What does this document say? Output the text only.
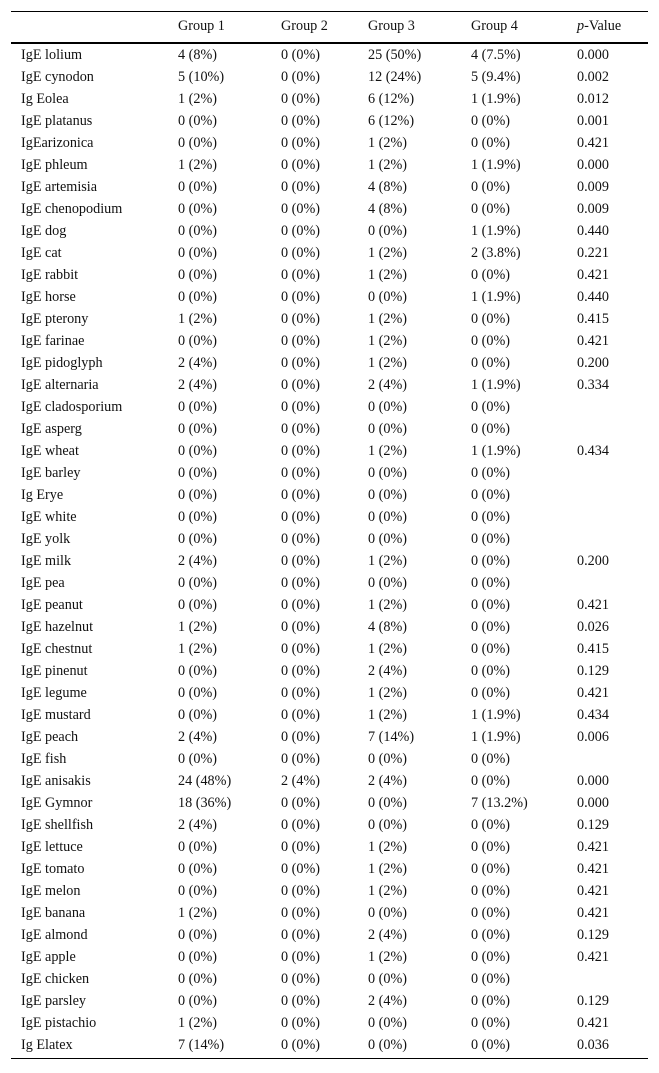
	Group 1	Group 2	Group 3	Group 4	p-Value
IgE lolium	4 (8%)	0 (0%)	25 (50%)	4 (7.5%)	0.000
IgE cynodon	5 (10%)	0 (0%)	12 (24%)	5 (9.4%)	0.002
Ig Eolea	1 (2%)	0 (0%)	6 (12%)	1 (1.9%)	0.012
IgE platanus	0 (0%)	0 (0%)	6 (12%)	0 (0%)	0.001
IgEarizonica	0 (0%)	0 (0%)	1 (2%)	0 (0%)	0.421
IgE phleum	1 (2%)	0 (0%)	1 (2%)	1 (1.9%)	0.000
IgE artemisia	0 (0%)	0 (0%)	4 (8%)	0 (0%)	0.009
IgE chenopodium	0 (0%)	0 (0%)	4 (8%)	0 (0%)	0.009
IgE dog	0 (0%)	0 (0%)	0 (0%)	1 (1.9%)	0.440
IgE cat	0 (0%)	0 (0%)	1 (2%)	2 (3.8%)	0.221
IgE rabbit	0 (0%)	0 (0%)	1 (2%)	0 (0%)	0.421
IgE horse	0 (0%)	0 (0%)	0 (0%)	1 (1.9%)	0.440
IgE pterony	1 (2%)	0 (0%)	1 (2%)	0 (0%)	0.415
IgE farinae	0 (0%)	0 (0%)	1 (2%)	0 (0%)	0.421
IgE pidoglyph	2 (4%)	0 (0%)	1 (2%)	0 (0%)	0.200
IgE alternaria	2 (4%)	0 (0%)	2 (4%)	1 (1.9%)	0.334
IgE cladosporium	0 (0%)	0 (0%)	0 (0%)	0 (0%)	
IgE asperg	0 (0%)	0 (0%)	0 (0%)	0 (0%)	
IgE wheat	0 (0%)	0 (0%)	1 (2%)	1 (1.9%)	0.434
IgE barley	0 (0%)	0 (0%)	0 (0%)	0 (0%)	
Ig Erye	0 (0%)	0 (0%)	0 (0%)	0 (0%)	
IgE white	0 (0%)	0 (0%)	0 (0%)	0 (0%)	
IgE yolk	0 (0%)	0 (0%)	0 (0%)	0 (0%)	
IgE milk	2 (4%)	0 (0%)	1 (2%)	0 (0%)	0.200
IgE pea	0 (0%)	0 (0%)	0 (0%)	0 (0%)	
IgE peanut	0 (0%)	0 (0%)	1 (2%)	0 (0%)	0.421
IgE hazelnut	1 (2%)	0 (0%)	4 (8%)	0 (0%)	0.026
IgE chestnut	1 (2%)	0 (0%)	1 (2%)	0 (0%)	0.415
IgE pinenut	0 (0%)	0 (0%)	2 (4%)	0 (0%)	0.129
IgE legume	0 (0%)	0 (0%)	1 (2%)	0 (0%)	0.421
IgE mustard	0 (0%)	0 (0%)	1 (2%)	1 (1.9%)	0.434
IgE peach	2 (4%)	0 (0%)	7 (14%)	1 (1.9%)	0.006
IgE fish	0 (0%)	0 (0%)	0 (0%)	0 (0%)	
IgE anisakis	24 (48%)	2 (4%)	2 (4%)	0 (0%)	0.000
IgE Gymnor	18 (36%)	0 (0%)	0 (0%)	7 (13.2%)	0.000
IgE shellfish	2 (4%)	0 (0%)	0 (0%)	0 (0%)	0.129
IgE lettuce	0 (0%)	0 (0%)	1 (2%)	0 (0%)	0.421
IgE tomato	0 (0%)	0 (0%)	1 (2%)	0 (0%)	0.421
IgE melon	0 (0%)	0 (0%)	1 (2%)	0 (0%)	0.421
IgE banana	1 (2%)	0 (0%)	0 (0%)	0 (0%)	0.421
IgE almond	0 (0%)	0 (0%)	2 (4%)	0 (0%)	0.129
IgE apple	0 (0%)	0 (0%)	1 (2%)	0 (0%)	0.421
IgE chicken	0 (0%)	0 (0%)	0 (0%)	0 (0%)	
IgE parsley	0 (0%)	0 (0%)	2 (4%)	0 (0%)	0.129
IgE pistachio	1 (2%)	0 (0%)	0 (0%)	0 (0%)	0.421
Ig Elatex	7 (14%)	0 (0%)	0 (0%)	0 (0%)	0.036
